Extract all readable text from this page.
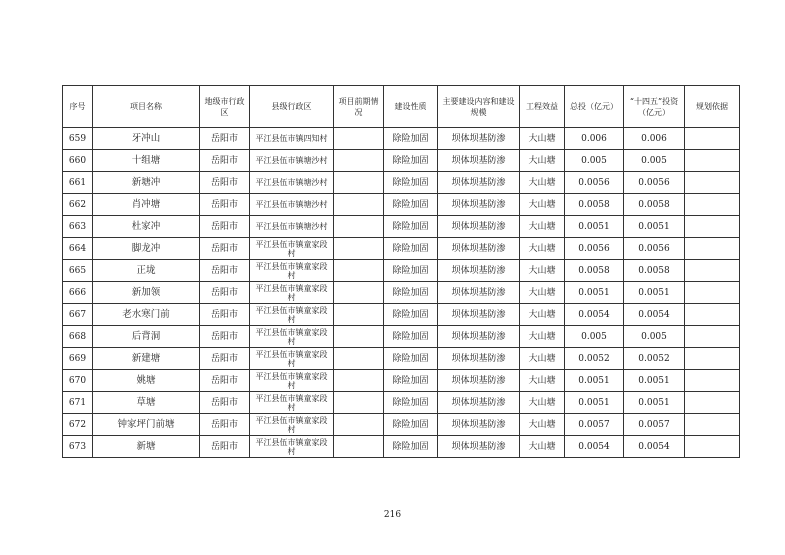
序号	项目名称	地级市行政区	县级行政区	项目前期情况	建设性质	主要建设内容和建设规模	工程效益	总投（亿元）	“十四五”投资（亿元）	规划依据
659	牙冲山	岳阳市	平江县伍市镇四知村		除险加固	坝体坝基防渗	大山塘	0.006	0.006	
660	十组塘	岳阳市	平江县伍市镇塘沙村		除险加固	坝体坝基防渗	大山塘	0.005	0.005	
661	新塘冲	岳阳市	平江县伍市镇塘沙村		除险加固	坝体坝基防渗	大山塘	0.0056	0.0056	
662	肖冲塘	岳阳市	平江县伍市镇塘沙村		除险加固	坝体坝基防渗	大山塘	0.0058	0.0058	
663	杜家冲	岳阳市	平江县伍市镇塘沙村		除险加固	坝体坝基防渗	大山塘	0.0051	0.0051	
664	脚龙冲	岳阳市	平江县伍市镇童家段村		除险加固	坝体坝基防渗	大山塘	0.0056	0.0056	
665	正垅	岳阳市	平江县伍市镇童家段村		除险加固	坝体坝基防渗	大山塘	0.0058	0.0058	
666	新加领	岳阳市	平江县伍市镇童家段村		除险加固	坝体坝基防渗	大山塘	0.0051	0.0051	
667	老水寒门前	岳阳市	平江县伍市镇童家段村		除险加固	坝体坝基防渗	大山塘	0.0054	0.0054	
668	后背洞	岳阳市	平江县伍市镇童家段村		除险加固	坝体坝基防渗	大山塘	0.005	0.005	
669	新建塘	岳阳市	平江县伍市镇童家段村		除险加固	坝体坝基防渗	大山塘	0.0052	0.0052	
670	姚塘	岳阳市	平江县伍市镇童家段村		除险加固	坝体坝基防渗	大山塘	0.0051	0.0051	
671	草塘	岳阳市	平江县伍市镇童家段村		除险加固	坝体坝基防渗	大山塘	0.0051	0.0051	
672	钟家坪门前塘	岳阳市	平江县伍市镇童家段村		除险加固	坝体坝基防渗	大山塘	0.0057	0.0057	
673	新塘	岳阳市	平江县伍市镇童家段村		除险加固	坝体坝基防渗	大山塘	0.0054	0.0054	
216
